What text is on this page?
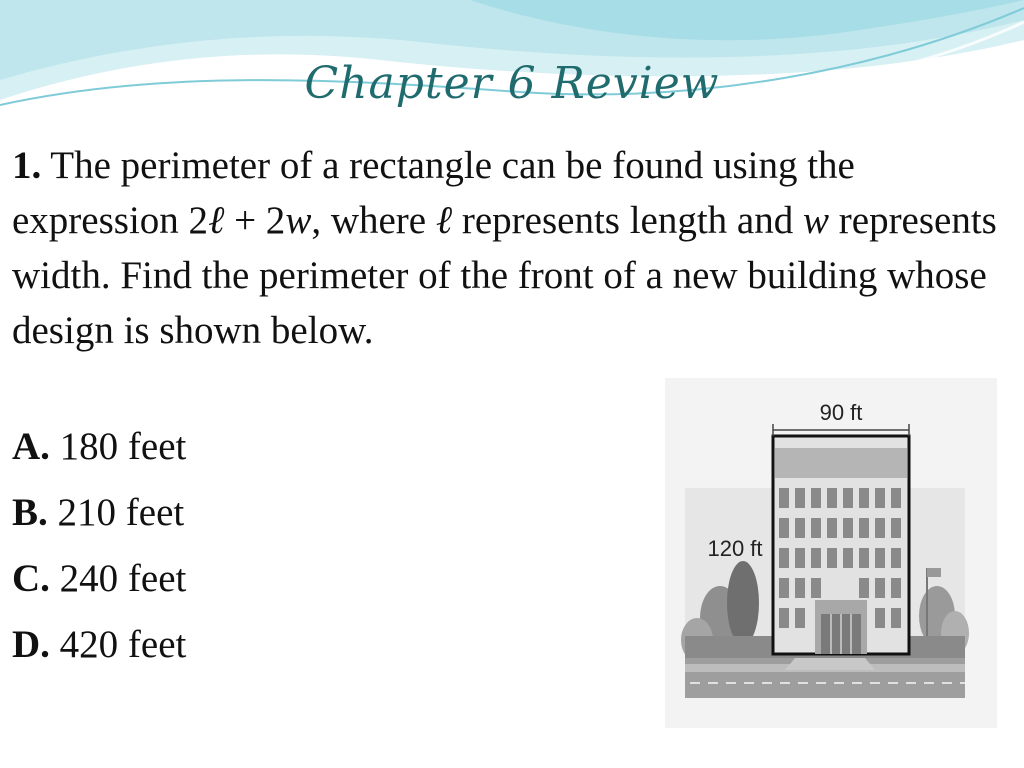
Chapter 6 Review
1. The perimeter of a rectangle can be found using the expression 2ℓ + 2w, where ℓ represents length and w represents width. Find the perimeter of the front of a new building whose design is shown below.
A. 180 feet
B. 210 feet
C. 240 feet
D. 420 feet
90 ft
120 ft
